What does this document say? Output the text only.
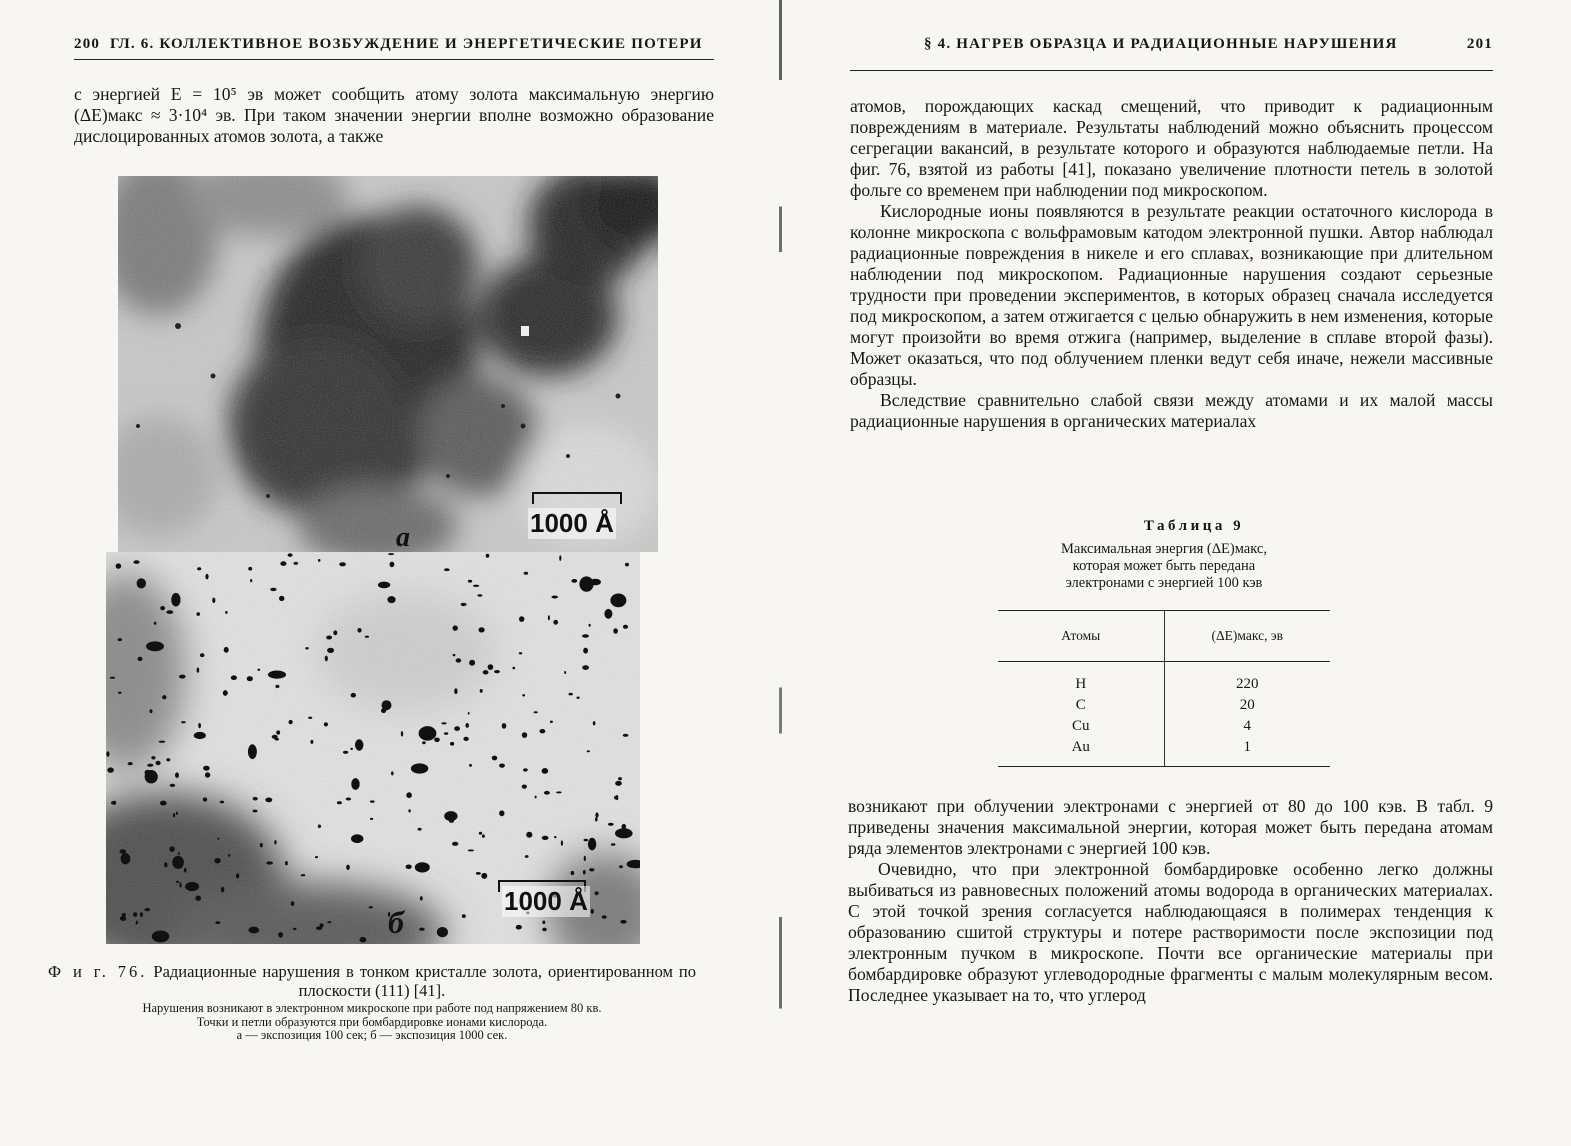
200 ГЛ. 6. КОЛЛЕКТИВНОЕ ВОЗБУЖДЕНИЕ И ЭНЕРГЕТИЧЕСКИЕ ПОТЕРИ

с энергией E = 10⁵ эв может сообщить атому золота максимальную энергию (ΔE)макс ≈ 3·10⁴ эв. При таком значении энергии вполне возможно образование дислоцированных атомов золота, а также

1000 Å
а
1000 Å
б
Ф и г. 76. Радиационные нарушения в тонком кристалле золота, ориентированном по плоскости (111) [41].
Нарушения возникают в электронном микроскопе при работе под напряжением 80 кв.
Точки и петли образуются при бомбардировке ионами кислорода.
а — экспозиция 100 сек; б — экспозиция 1000 сек.
§ 4. НАГРЕВ ОБРАЗЦА И РАДИАЦИОННЫЕ НАРУШЕНИЯ	201

атомов, порождающих каскад смещений, что приводит к радиационным повреждениям в материале. Результаты наблюдений можно объяснить процессом сегрегации вакансий, в результате которого и образуются наблюдаемые петли. На фиг. 76, взятой из работы [41], показано увеличение плотности петель в золотой фольге со временем при наблюдении под микроскопом.

Кислородные ионы появляются в результате реакции остаточного кислорода в колонне микроскопа с вольфрамовым катодом электронной пушки. Автор наблюдал радиационные повреждения в никеле и его сплавах, возникающие при длительном наблюдении под микроскопом. Радиационные нарушения создают серьезные трудности при проведении экспериментов, в которых образец сначала исследуется под микроскопом, а затем отжигается с целью обнаружить в нем изменения, которые могут произойти во время отжига (например, выделение в сплаве второй фазы). Может оказаться, что под облучением пленки ведут себя иначе, нежели массивные образцы.

Вследствие сравнительно слабой связи между атомами и их малой массы радиационные нарушения в органических материалах

Таблица 9
Максимальная энергия (ΔE)макс,
которая может быть передана
электронами с энергией 100 кэв
Атомы	(ΔE)макс, эв
H	220
C	20
Cu	4
Au	1

возникают при облучении электронами с энергией от 80 до 100 кэв. В табл. 9 приведены значения максимальной энергии, которая может быть передана атомам ряда элементов электронами с энергией 100 кэв.

Очевидно, что при электронной бомбардировке особенно легко должны выбиваться из равновесных положений атомы водорода в органических материалах. С этой точкой зрения согласуется наблюдающаяся в полимерах тенденция к образованию сшитой структуры и потере растворимости после экспозиции под электронным пучком в микроскопе. Почти все органические материалы при бомбардировке образуют углеводородные фрагменты с малым молекулярным весом. Последнее указывает на то, что углерод
